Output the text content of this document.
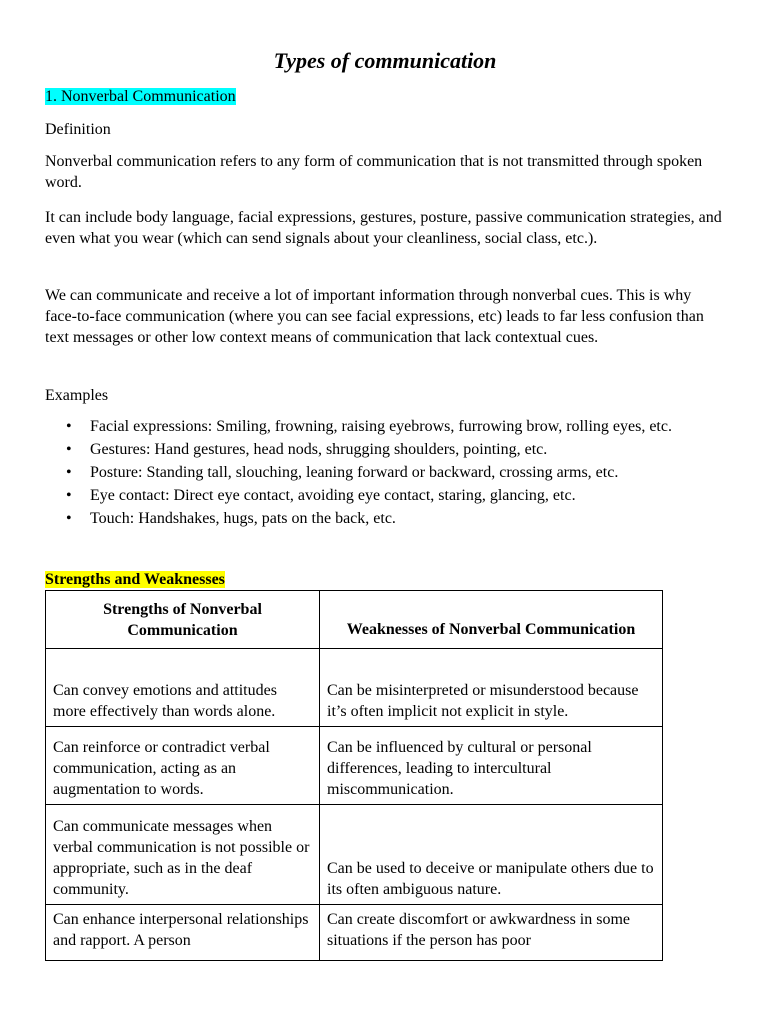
Types of communication

1. Nonverbal Communication

Definition

Nonverbal communication refers to any form of communication that is not transmitted through spoken word.

It can include body language, facial expressions, gestures, posture, passive communication strategies, and even what you wear (which can send signals about your cleanliness, social class, etc.).

We can communicate and receive a lot of important information through nonverbal cues. This is why face-to-face communication (where you can see facial expressions, etc) leads to far less confusion than text messages or other low context means of communication that lack contextual cues.

Examples

• Facial expressions: Smiling, frowning, raising eyebrows, furrowing brow, rolling eyes, etc.
• Gestures: Hand gestures, head nods, shrugging shoulders, pointing, etc.
• Posture: Standing tall, slouching, leaning forward or backward, crossing arms, etc.
• Eye contact: Direct eye contact, avoiding eye contact, staring, glancing, etc.
• Touch: Handshakes, hugs, pats on the back, etc.

Strengths and Weaknesses

Strengths of Nonverbal Communication	Weaknesses of Nonverbal Communication
Can convey emotions and attitudes more effectively than words alone.	Can be misinterpreted or misunderstood because it’s often implicit not explicit in style.
Can reinforce or contradict verbal communication, acting as an augmentation to words.	Can be influenced by cultural or personal differences, leading to intercultural miscommunication.
Can communicate messages when verbal communication is not possible or appropriate, such as in the deaf community.	Can be used to deceive or manipulate others due to its often ambiguous nature.
Can enhance interpersonal relationships and rapport. A person	Can create discomfort or awkwardness in some situations if the person has poor
